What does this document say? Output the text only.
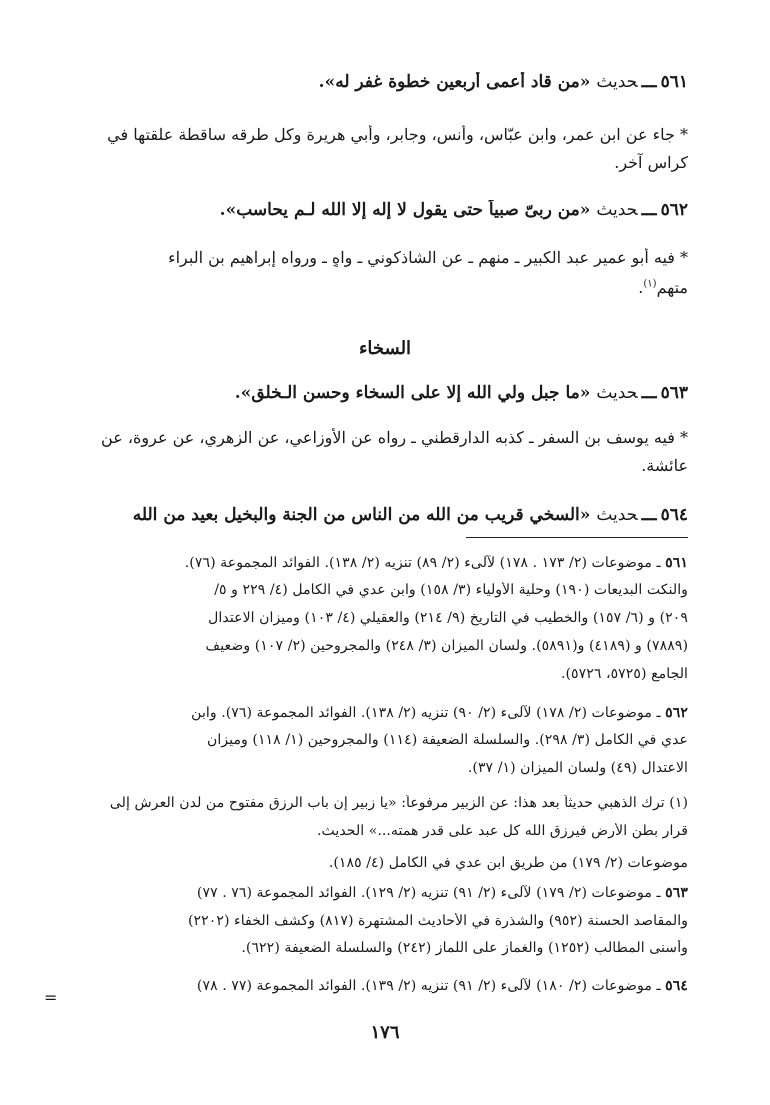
٥٦١ـــحديث «من قاد أعمى أربعين خطوة غفر له».
* جاء عن ابن عمر، وابن عبّاس، وأنس، وجابر، وأبي هريرة وكل طرقه ساقطة علقتها في
كراس آخر.
٥٦٢ـــحديث «من ربىّ صبياً حتى يقول لا إله إلا الله لـم يحاسب».
* فيه أبو عمير عبد الكبير ـ منهم ـ عن الشاذكوني ـ واهٍ ـ ورواه إبراهيم بن البراء
متهم$^{(١)}$.
السخاء
٥٦٣ـــحديث «ما جبل ولي الله إلا على السخاء وحسن الـخلق».
* فيه يوسف بن السفر ـ كذبه الدارقطني ـ رواه عن الأوزاعي، عن الزهري، عن عروة، عن
عائشة.
٥٦٤ـــحديث «السخي قريب من الله من الناس من الجنة والبخيل بعيد من الله
٥٦١ ـ موضوعات (٢/ ١٧٣ . ١٧٨) لآلىء (٢/ ٨٩) تنزيه (٢/ ١٣٨). الفوائد المجموعة (٧٦).
والنكت البديعات (١٩٠) وحلية الأولياء (٣/ ١٥٨) وابن عدي في الكامل (٤/ ٢٢٩ و ٥/
٢٠٩) و (٦/ ١٥٧) والخطيب في التاريخ (٩/ ٢١٤) والعقيلي (٤/ ١٠٣) وميزان الاعتدال
(٧٨٨٩) و (٤١٨٩) و(٥٨٩١). ولسان الميزان (٣/ ٢٤٨) والمجروحين (٢/ ١٠٧) وضعيف
الجامع (٥٧٢٥، ٥٧٢٦).
٥٦٢ ـ موضوعات (٢/ ١٧٨) لآلىء (٢/ ٩٠) تنزيه (٢/ ١٣٨). الفوائد المجموعة (٧٦). وابن
عدي في الكامل (٣/ ٢٩٨). والسلسلة الضعيفة (١١٤) والمجروحين (١/ ١١٨) وميزان
الاعتدال (٤٩) ولسان الميزان (١/ ٣٧).
(١) ترك الذهبي حديثاً بعد هذا: عن الزبير مرفوعاً: «يا زبير إن باب الرزق مفتوح من لدن العرش إلى
قرار بطن الأرض فيرزق الله كل عبد على قدر همته...» الحديث.
موضوعات (٢/ ١٧٩) من طريق ابن عدي في الكامل (٤/ ١٨٥).
٥٦٣ ـ موضوعات (٢/ ١٧٩) لآلىء (٢/ ٩١) تنزيه (٢/ ١٢٩). الفوائد المجموعة (٧٦ . ٧٧)
والمقاصد الحسنة (٩٥٢) والشذرة في الأحاديث المشتهرة (٨١٧) وكشف الخفاء (٢٢٠٢)
وأسنى المطالب (١٢٥٢) والغماز على اللماز (٢٤٢) والسلسلة الضعيفة (٦٢٢).
٥٦٤ ـ موضوعات (٢/ ١٨٠) لآلىء (٢/ ٩١) تنزيه (٢/ ١٣٩). الفوائد المجموعة (٧٧ . ٧٨)
=
١٧٦
